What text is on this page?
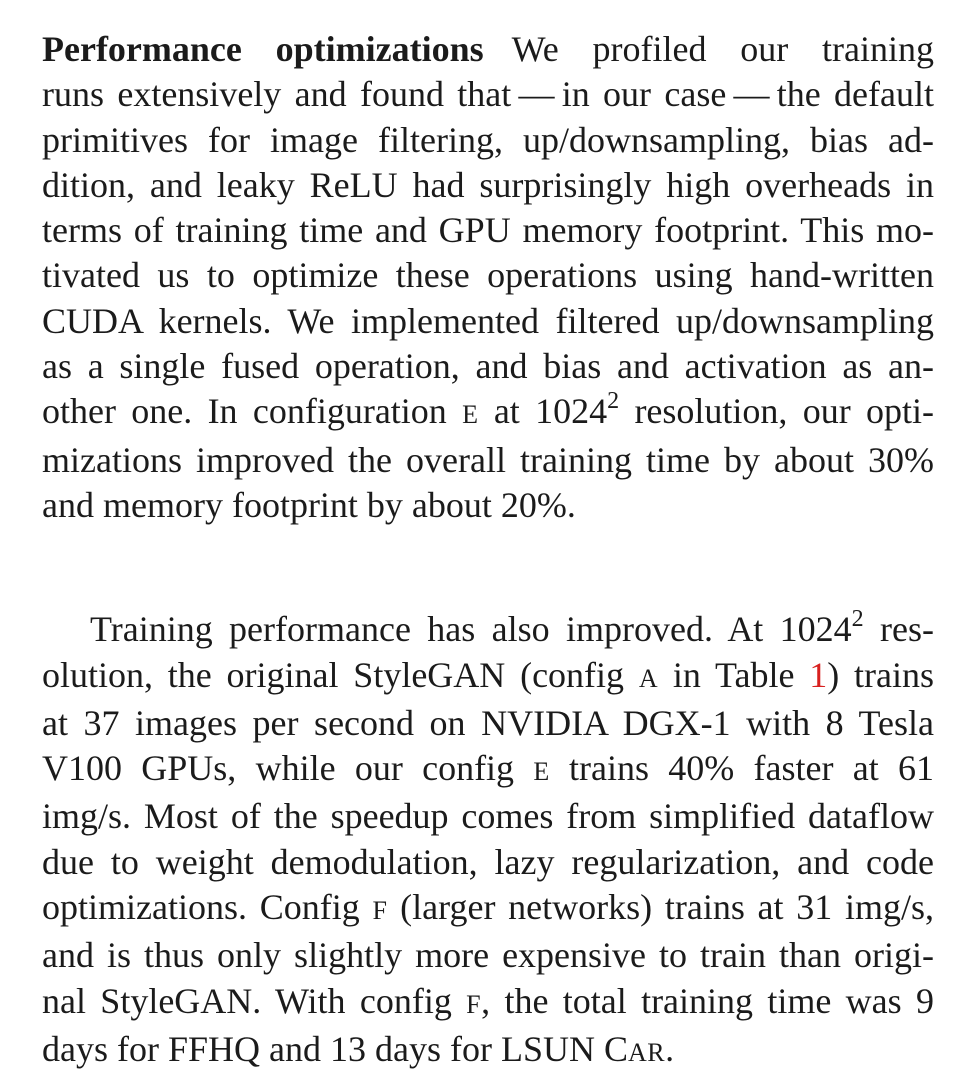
Performance optimizations We profiled our training
runs extensively and found that — in our case — the default
primitives for image filtering, up/downsampling, bias ad-
dition, and leaky ReLU had surprisingly high overheads in
terms of training time and GPU memory footprint. This mo-
tivated us to optimize these operations using hand-written
CUDA kernels. We implemented filtered up/downsampling
as a single fused operation, and bias and activation as an-
other one. In configuration E at 1024$^2$ resolution, our opti-
mizations improved the overall training time by about 30%
and memory footprint by about 20%.
Training performance has also improved. At 1024$^2$ res-
olution, the original StyleGAN (config A in Table 1) trains
at 37 images per second on NVIDIA DGX-1 with 8 Tesla
V100 GPUs, while our config E trains 40% faster at 61
img/s. Most of the speedup comes from simplified dataflow
due to weight demodulation, lazy regularization, and code
optimizations. Config F (larger networks) trains at 31 img/s,
and is thus only slightly more expensive to train than origi-
nal StyleGAN. With config F, the total training time was 9
days for FFHQ and 13 days for LSUN CAR.
